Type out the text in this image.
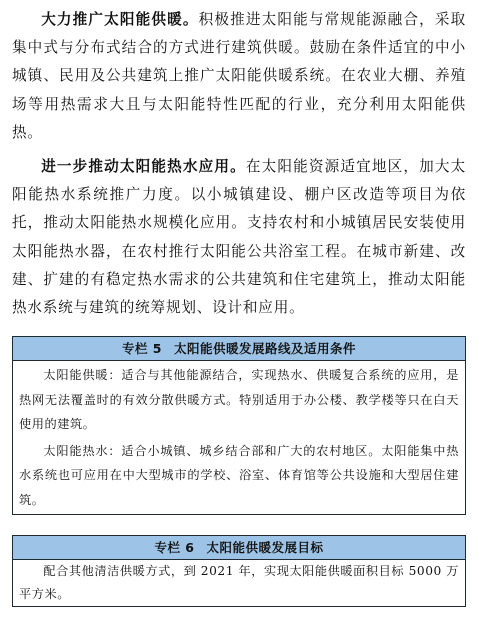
大力推广太阳能供暖。积极推进太阳能与常规能源融合，采取集中式与分布式结合的方式进行建筑供暖。鼓励在条件适宜的中小城镇、民用及公共建筑上推广太阳能供暖系统。在农业大棚、养殖场等用热需求大且与太阳能特性匹配的行业，充分利用太阳能供热。

进一步推动太阳能热水应用。在太阳能资源适宜地区，加大太阳能热水系统推广力度。以小城镇建设、棚户区改造等项目为依托，推动太阳能热水规模化应用。支持农村和小城镇居民安装使用太阳能热水器，在农村推行太阳能公共浴室工程。在城市新建、改建、扩建的有稳定热水需求的公共建筑和住宅建筑上，推动太阳能热水系统与建筑的统筹规划、设计和应用。

专栏 5 太阳能供暖发展路线及适用条件

太阳能供暖：适合与其他能源结合，实现热水、供暖复合系统的应用，是热网无法覆盖时的有效分散供暖方式。特别适用于办公楼、教学楼等只在白天使用的建筑。

太阳能热水：适合小城镇、城乡结合部和广大的农村地区。太阳能集中热水系统也可应用在中大型城市的学校、浴室、体育馆等公共设施和大型居住建筑。

专栏 6 太阳能供暖发展目标

配合其他清洁供暖方式，到 2021 年，实现太阳能供暖面积目标 5000 万平方米。
